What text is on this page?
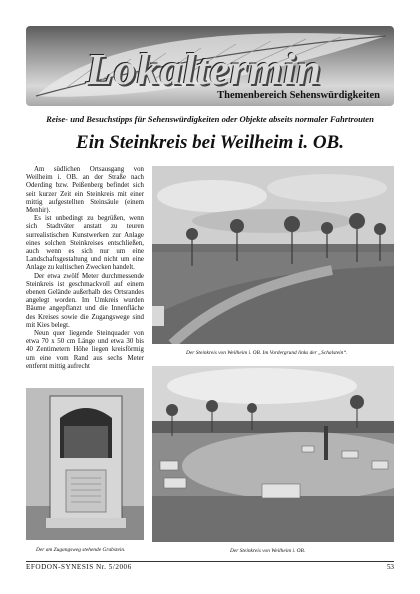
Lokaltermin
Themenbereich Sehenswürdigkeiten
Reise- und Besuchstipps für Sehenswürdigkeiten oder Objekte abseits normaler Fahrtrouten
Ein Steinkreis bei Weilheim i. OB.

Am südlichen Ortsausgang von Weilheim i. OB. an der Straße nach Oderding bzw. Peißenberg befindet sich seit kurzer Zeit ein Steinkreis mit einer mittig aufgestellten Steinsäule (einem Menhir).

Es ist unbedingt zu begrüßen, wenn sich Stadtväter anstatt zu teuren surrealistischen Kunstwerken zur Anlage eines solchen Steinkreises entschließen, auch wenn es sich nur um eine Landschaftsgestaltung und nicht um eine Anlage zu kultischen Zwecken handelt.

Der etwa zwölf Meter durchmessende Steinkreis ist geschmackvoll auf einem ebenen Gelände außerhalb des Ortsrandes angelegt worden. Im Umkreis wurden Bäume angepflanzt und die Innenfläche des Kreises sowie die Zugangswege sind mit Kies belegt.

Neun quer liegende Steinquader von etwa 70 x 50 cm Länge und etwa 30 bis 40 Zentimetern Höhe liegen kreisförmig um eine vom Rand aus sechs Meter entfernt mittig aufrecht

Der Steinkreis von Weilheim i. OB. Im Vordergrund links der „Schalstein“.
Der am Zugangsweg stehende Grabstein.	Der Steinkreis von Weilheim i. OB.
EFODON-SYNESIS Nr. 5/2006	53
